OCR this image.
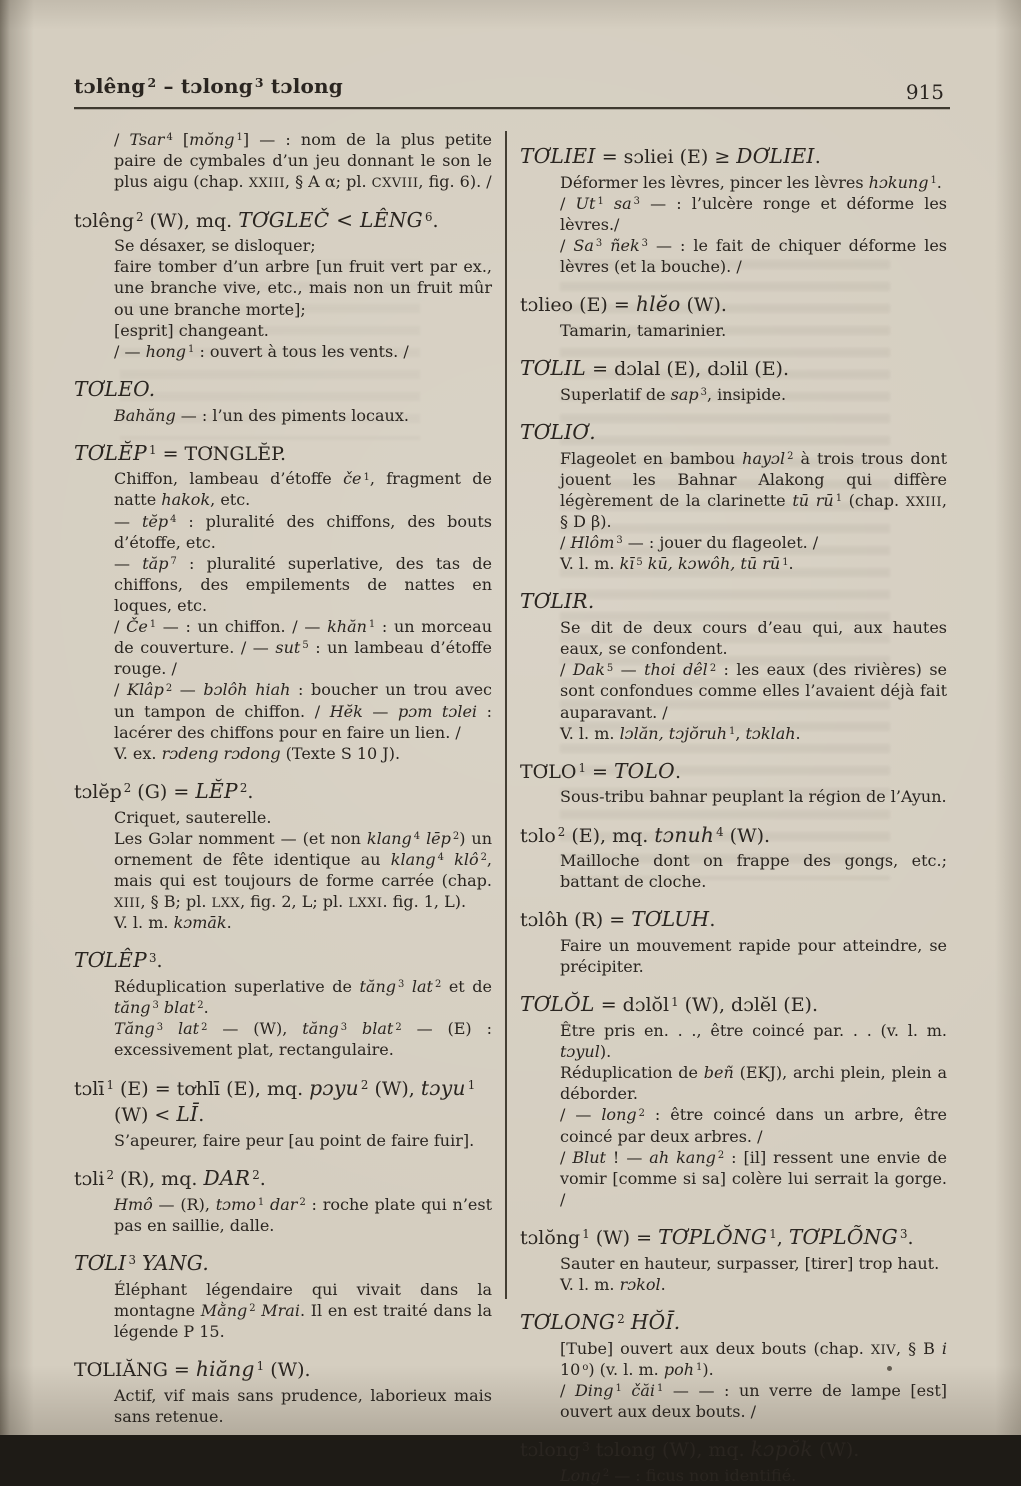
tɔlêng $^2$ – tɔlong $^3$ tɔlong	915

/ Tsar $^4$ [mŏng $^1$] — : nom de la plus petite paire de cymbales d’un jeu donnant le son le plus aigu (chap. XXIII, § A α; pl. CXVIII, fig. 6). /

tɔlêng $^2$ (W), mq. TƠGLEČ < LÊNG $^6$.

Se désaxer, se disloquer;

faire tomber d’un arbre [un fruit vert par ex., une branche vive, etc., mais non un fruit mûr ou une branche morte];

[esprit] changeant.

/ — hong $^1$ : ouvert à tous les vents. /

TƠLEO.

Bahăng — : l’un des piments locaux.

TƠLĔP $^1$ = TƠNGLĔP.

Chiffon, lambeau d’étoffe če $^1$, fragment de natte hakok, etc.

— tĕp $^4$ : pluralité des chiffons, des bouts d’étoffe, etc.

— tăp $^7$ : pluralité superlative, des tas de chiffons, des empilements de nattes en loques, etc.

/ Če $^1$ — : un chiffon. / — khăn $^1$ : un morceau de couverture. / — sut $^5$ : un lambeau d’étoffe rouge. /

/ Klâp $^2$ — bɔlôh hiah : boucher un trou avec un tampon de chiffon. / Hĕk — pɔm tɔlei : lacérer des chiffons pour en faire un lien. /

V. ex. rɔdeng rɔdong (Texte S 10 J).

tɔlĕp $^2$ (G) = LĔP $^2$.

Criquet, sauterelle.

Les Gɔlar nomment — (et non klang $^4$ lēp $^2$) un ornement de fête identique au klang $^4$ klô $^2$, mais qui est toujours de forme carrée (chap. XIII, § B; pl. LXX, fig. 2, L; pl. LXXI. fig. 1, L).

V. l. m. kɔmāk.

TƠLÊP $^3$.

Réduplication superlative de tăng $^3$ lat $^2$ et de tăng $^3$ blat $^2$.

Tăng $^3$ lat $^2$ — (W), tăng $^3$ blat $^2$ — (E) : excessivement plat, rectangulaire.

tɔlī $^1$ (E) = tơhlī (E), mq. pɔyu $^2$ (W), tɔyu $^1$ (W) < LĪ.

S’apeurer, faire peur [au point de faire fuir].

tɔli $^2$ (R), mq. DAR $^2$.

Hmô — (R), tɔmo $^1$ dar $^2$ : roche plate qui n’est pas en saillie, dalle.

TƠLI $^3$ YANG.

Éléphant légendaire qui vivait dans la montagne Mằng $^2$ Mrai. Il en est traité dans la légende P 15.

TƠLIĂNG = hiăng $^1$ (W).

Actif, vif mais sans prudence, laborieux mais sans retenue.

TƠLIEI = sɔliei (E) ≥ DƠLIEI.

Déformer les lèvres, pincer les lèvres hɔkung $^1$.

/ Ut $^1$ sa $^3$ — : l’ulcère ronge et déforme les lèvres./

/ Sa $^3$ ñek $^3$ — : le fait de chiquer déforme les lèvres (et la bouche). /

tɔlieo (E) = hlĕo (W).

Tamarin, tamarinier.

TƠLIL = dɔlal (E), dɔlil (E).

Superlatif de sap $^3$, insipide.

TƠLIƠ.

Flageolet en bambou hayɔl $^2$ à trois trous dont jouent les Bahnar Alakong qui diffère légèrement de la clarinette tū rū $^1$ (chap. XXIII, § D β).

/ Hlôm $^3$ — : jouer du flageolet. /

V. l. m. kī $^5$ kū, kɔwôh, tū rū $^1$.

TƠLIR.

Se dit de deux cours d’eau qui, aux hautes eaux, se confondent.

/ Dak $^5$ — thoi dêl $^2$ : les eaux (des rivières) se sont confondues comme elles l’avaient déjà fait auparavant. /

V. l. m. lɔlăn, tɔjŏruh $^1$, tɔklah.

TƠLO $^1$ = TOLO.

Sous-tribu bahnar peuplant la région de l’Ayun.

tɔlo $^2$ (E), mq. tɔnuh $^4$ (W).

Mailloche dont on frappe des gongs, etc.; battant de cloche.

tɔlôh (R) = TƠLUH.

Faire un mouvement rapide pour atteindre, se précipiter.

TƠLŎL = dɔlŏl $^1$ (W), dɔlĕl (E).

Être pris en. . ., être coincé par. . . (v. l. m. tɔyul).

Réduplication de beñ (EKJ), archi plein, plein a déborder.

/ — long $^2$ : être coincé dans un arbre, être coincé par deux arbres. /

/ Blut ! — ah kang $^2$ : [il] ressent une envie de vomir [comme si sa] colère lui serrait la gorge. /

tɔlŏng $^1$ (W) = TƠPLŎNG $^1$, TƠPLÕNG $^3$.

Sauter en hauteur, surpasser, [tirer] trop haut.

V. l. m. rɔkol.

TƠLONG $^2$ HŎĪ.

[Tube] ouvert aux deux bouts (chap. XIV, § B i 10 $^o$) (v. l. m. poh $^1$).

/ Ding $^1$ čăi $^1$ — — : un verre de lampe [est] ouvert aux deux bouts. /

tɔlong $^3$ tɔlong (W), mq. kɔpŏk (W).

Long $^2$ — : ficus non identifié.
